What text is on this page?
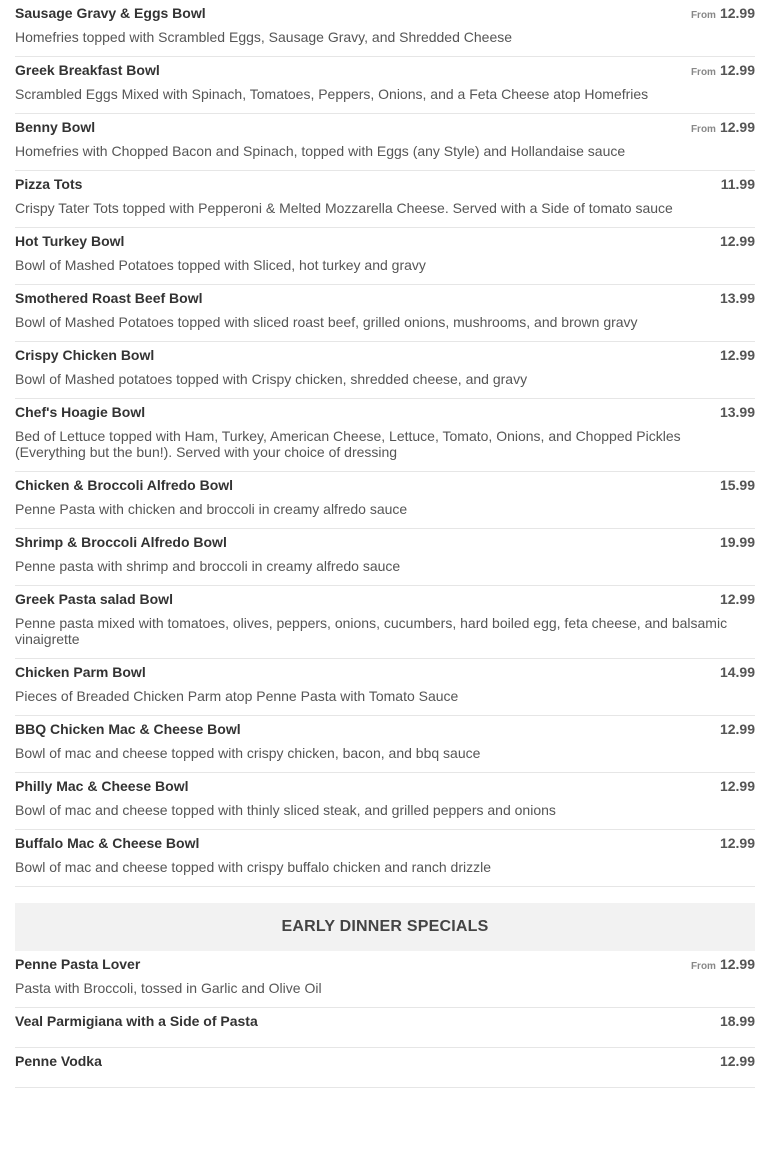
Sausage Gravy & Eggs Bowl	From 12.99
Homefries topped with Scrambled Eggs, Sausage Gravy, and Shredded Cheese
Greek Breakfast Bowl	From 12.99
Scrambled Eggs Mixed with Spinach, Tomatoes, Peppers, Onions, and a Feta Cheese atop Homefries
Benny Bowl	From 12.99
Homefries with Chopped Bacon and Spinach, topped with Eggs (any Style) and Hollandaise sauce
Pizza Tots	11.99
Crispy Tater Tots topped with Pepperoni & Melted Mozzarella Cheese. Served with a Side of tomato sauce
Hot Turkey Bowl	12.99
Bowl of Mashed Potatoes topped with Sliced, hot turkey and gravy
Smothered Roast Beef Bowl	13.99
Bowl of Mashed Potatoes topped with sliced roast beef, grilled onions, mushrooms, and brown gravy
Crispy Chicken Bowl	12.99
Bowl of Mashed potatoes topped with Crispy chicken, shredded cheese, and gravy
Chef's Hoagie Bowl	13.99
Bed of Lettuce topped with Ham, Turkey, American Cheese, Lettuce, Tomato, Onions, and Chopped Pickles (Everything but the bun!). Served with your choice of dressing
Chicken & Broccoli Alfredo Bowl	15.99
Penne Pasta with chicken and broccoli in creamy alfredo sauce
Shrimp & Broccoli Alfredo Bowl	19.99
Penne pasta with shrimp and broccoli in creamy alfredo sauce
Greek Pasta salad Bowl	12.99
Penne pasta mixed with tomatoes, olives, peppers, onions, cucumbers, hard boiled egg, feta cheese, and balsamic vinaigrette
Chicken Parm Bowl	14.99
Pieces of Breaded Chicken Parm atop Penne Pasta with Tomato Sauce
BBQ Chicken Mac & Cheese Bowl	12.99
Bowl of mac and cheese topped with crispy chicken, bacon, and bbq sauce
Philly Mac & Cheese Bowl	12.99
Bowl of mac and cheese topped with thinly sliced steak, and grilled peppers and onions
Buffalo Mac & Cheese Bowl	12.99
Bowl of mac and cheese topped with crispy buffalo chicken and ranch drizzle
EARLY DINNER SPECIALS
Penne Pasta Lover	From 12.99
Pasta with Broccoli, tossed in Garlic and Olive Oil
Veal Parmigiana with a Side of Pasta	18.99
Penne Vodka	12.99
